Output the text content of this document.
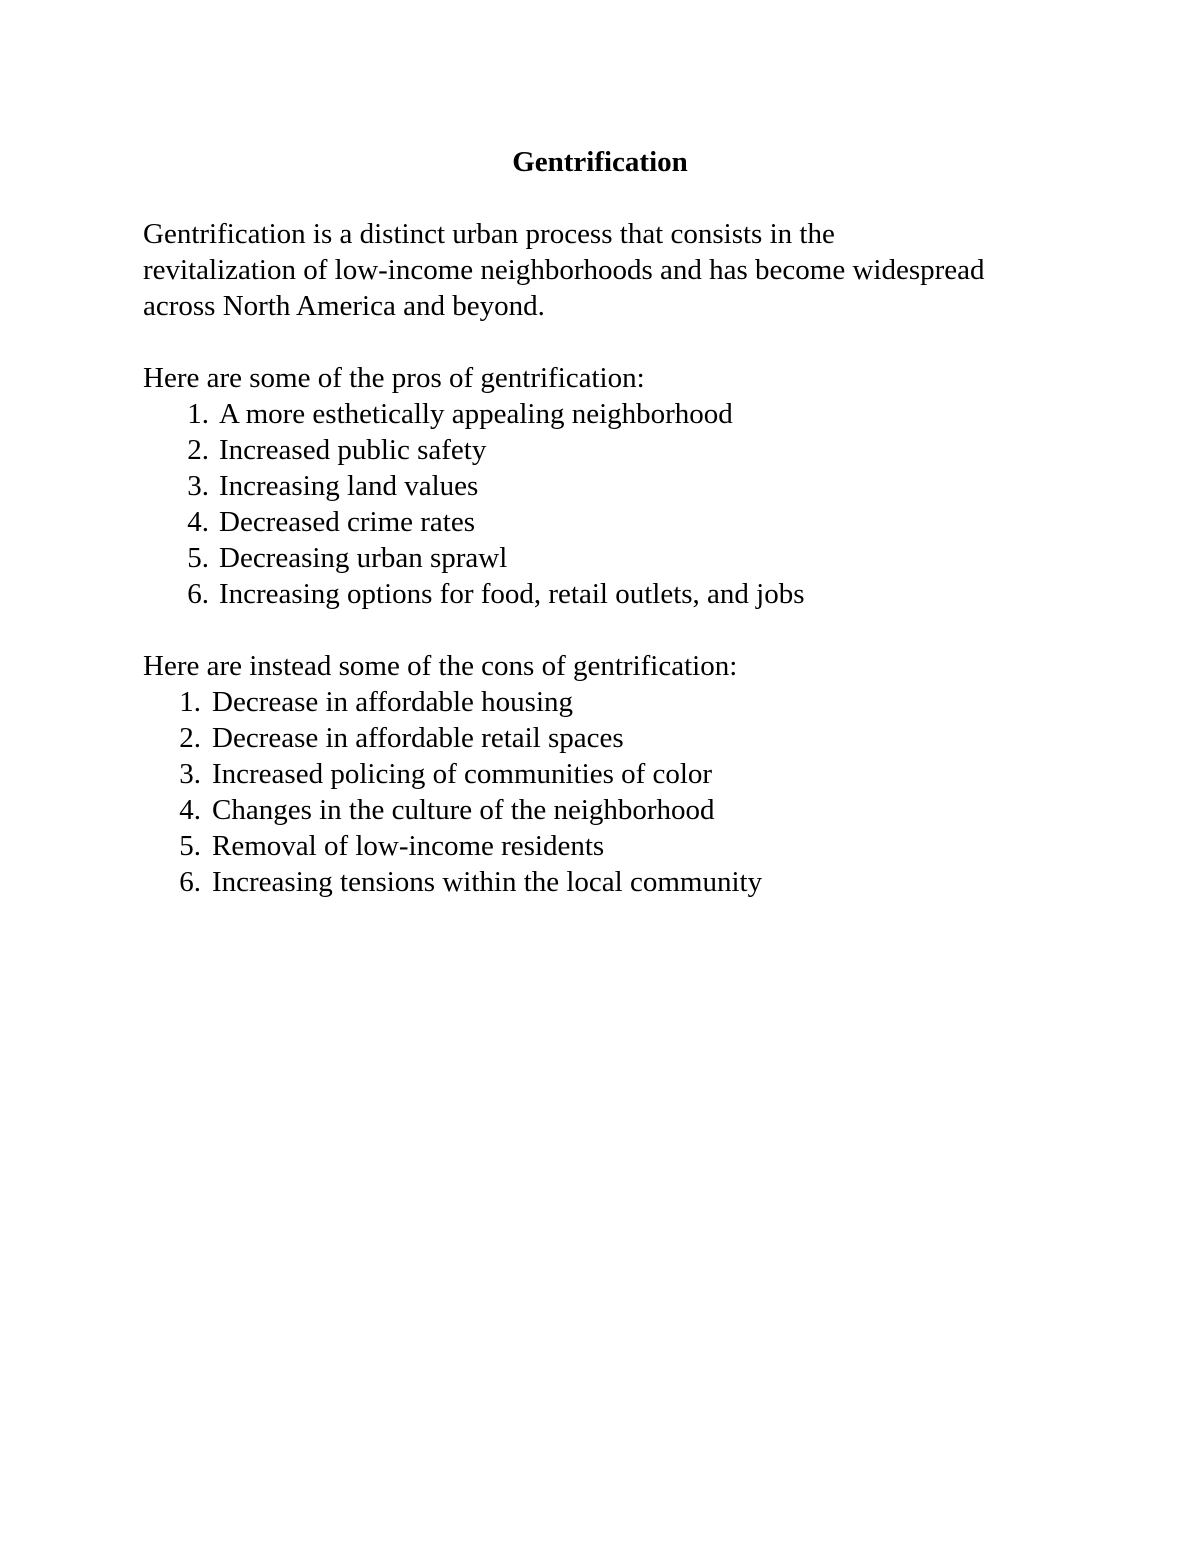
Gentrification

Gentrification is a distinct urban process that consists in the
revitalization of low-income neighborhoods and has become widespread
across North America and beyond.

Here are some of the pros of gentrification:
1. A more esthetically appealing neighborhood
2. Increased public safety
3. Increasing land values
4. Decreased crime rates
5. Decreasing urban sprawl
6. Increasing options for food, retail outlets, and jobs
Here are instead some of the cons of gentrification:
1. Decrease in affordable housing
2. Decrease in affordable retail spaces
3. Increased policing of communities of color
4. Changes in the culture of the neighborhood
5. Removal of low-income residents
6. Increasing tensions within the local community
